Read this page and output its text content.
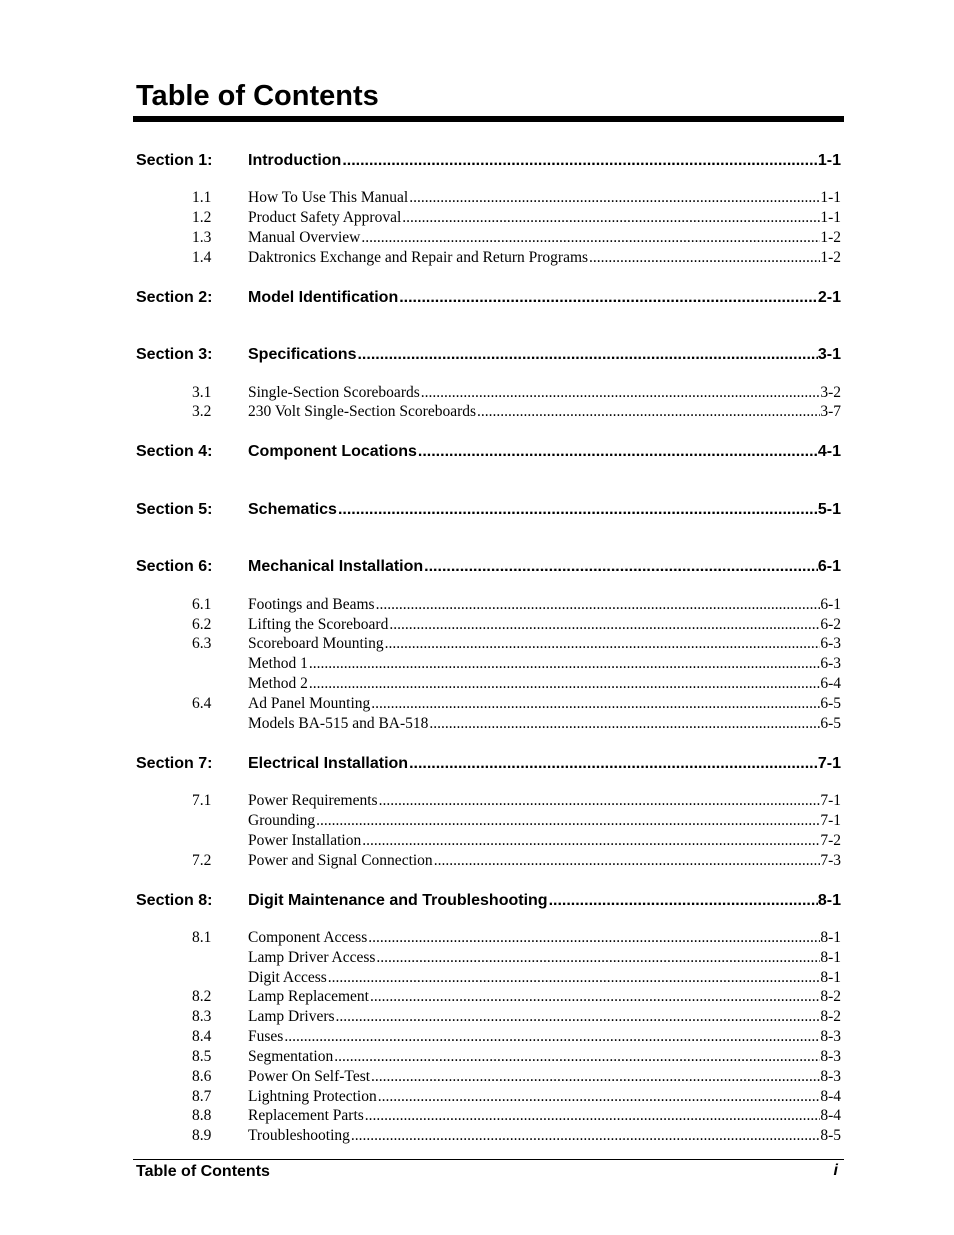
Table of Contents
Section 1: Introduction .....	1-1
1.1 How To Use This Manual .....	1-1
1.2 Product Safety Approval .....	1-1
1.3 Manual Overview .....	1-2
1.4 Daktronics Exchange and Repair and Return Programs .....	1-2
Section 2: Model Identification .....	2-1
Section 3: Specifications .....	3-1
3.1 Single-Section Scoreboards .....	3-2
3.2 230 Volt Single-Section Scoreboards .....	3-7
Section 4: Component Locations .....	4-1
Section 5: Schematics .....	5-1
Section 6: Mechanical Installation .....	6-1
6.1 Footings and Beams .....	6-1
6.2 Lifting the Scoreboard .....	6-2
6.3 Scoreboard Mounting .....	6-3
Method 1 .....	6-3
Method 2 .....	6-4
6.4 Ad Panel Mounting .....	6-5
Models BA-515 and BA-518 .....	6-5
Section 7: Electrical Installation .....	7-1
7.1 Power Requirements .....	7-1
Grounding .....	7-1
Power Installation .....	7-2
7.2 Power and Signal Connection .....	7-3
Section 8: Digit Maintenance and Troubleshooting .....	8-1
8.1 Component Access .....	8-1
Lamp Driver Access .....	8-1
Digit Access .....	8-1
8.2 Lamp Replacement .....	8-2
8.3 Lamp Drivers .....	8-2
8.4 Fuses .....	8-3
8.5 Segmentation .....	8-3
8.6 Power On Self-Test .....	8-3
8.7 Lightning Protection .....	8-4
8.8 Replacement Parts .....	8-4
8.9 Troubleshooting .....	8-5
Table of Contents	i
